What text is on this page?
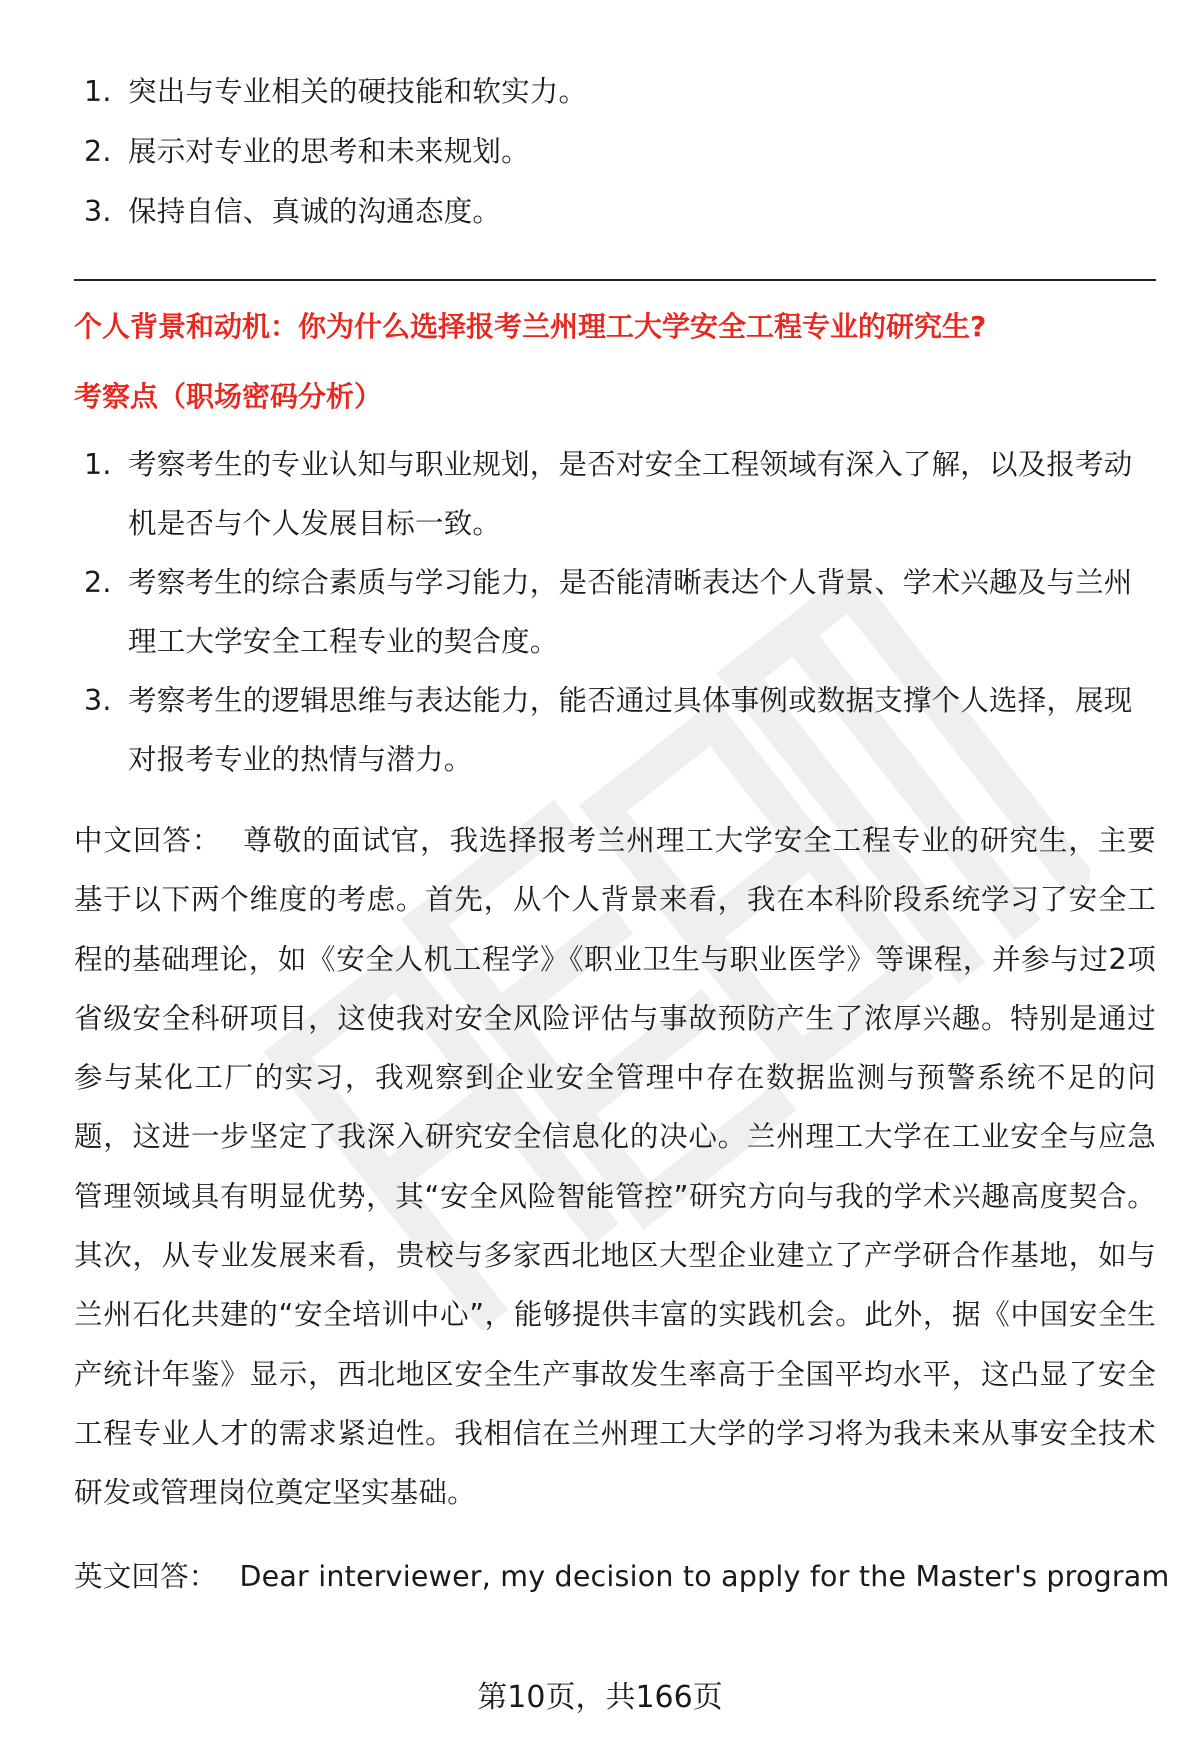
1. 突出与专业相关的硬技能和软实力。
2. 展示对专业的思考和未来规划。
3. 保持自信、真诚的沟通态度。

个人背景和动机：你为什么选择报考兰州理工大学安全工程专业的研究生?

考察点（职场密码分析）

1. 考察考生的专业认知与职业规划，是否对安全工程领域有深入了解，以及报考动机是否与个人发展目标一致。
2. 考察考生的综合素质与学习能力，是否能清晰表达个人背景、学术兴趣及与兰州理工大学安全工程专业的契合度。
3. 考察考生的逻辑思维与表达能力，能否通过具体事例或数据支撑个人选择，展现对报考专业的热情与潜力。

中文回答： 尊敬的面试官，我选择报考兰州理工大学安全工程专业的研究生，主要基于以下两个维度的考虑。首先，从个人背景来看，我在本科阶段系统学习了安全工程的基础理论，如《安全人机工程学》《职业卫生与职业医学》等课程，并参与过2项省级安全科研项目，这使我对安全风险评估与事故预防产生了浓厚兴趣。特别是通过参与某化工厂的实习，我观察到企业安全管理中存在数据监测与预警系统不足的问题，这进一步坚定了我深入研究安全信息化的决心。兰州理工大学在工业安全与应急管理领域具有明显优势，其“安全风险智能管控”研究方向与我的学术兴趣高度契合。其次，从专业发展来看，贵校与多家西北地区大型企业建立了产学研合作基地，如与兰州石化共建的“安全培训中心”，能够提供丰富的实践机会。此外，据《中国安全生产统计年鉴》显示，西北地区安全生产事故发生率高于全国平均水平，这凸显了安全工程专业人才的需求紧迫性。我相信在兰州理工大学的学习将为我未来从事安全技术研发或管理岗位奠定坚实基础。

英文回答： Dear interviewer, my decision to apply for the Master's program

第10页，共166页
